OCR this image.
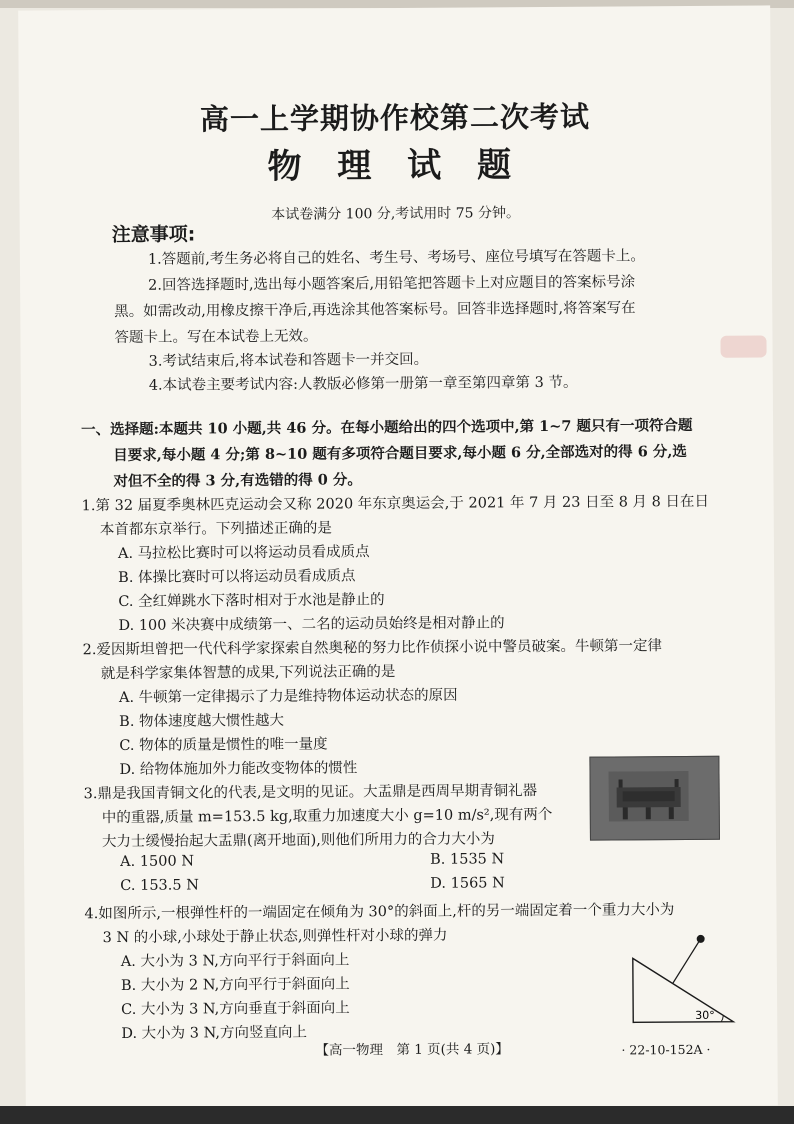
高一上学期协作校第二次考试
物 理 试 题
本试卷满分 100 分,考试用时 75 分钟。
注意事项:
1.答题前,考生务必将自己的姓名、考生号、考场号、座位号填写在答题卡上。
2.回答选择题时,选出每小题答案后,用铅笔把答题卡上对应题目的答案标号涂
黑。如需改动,用橡皮擦干净后,再选涂其他答案标号。回答非选择题时,将答案写在
答题卡上。写在本试卷上无效。
3.考试结束后,将本试卷和答题卡一并交回。
4.本试卷主要考试内容:人教版必修第一册第一章至第四章第 3 节。
一、选择题:本题共 10 小题,共 46 分。在每小题给出的四个选项中,第 1~7 题只有一项符合题
目要求,每小题 4 分;第 8~10 题有多项符合题目要求,每小题 6 分,全部选对的得 6 分,选
对但不全的得 3 分,有选错的得 0 分。
1.第 32 届夏季奥林匹克运动会又称 2020 年东京奥运会,于 2021 年 7 月 23 日至 8 月 8 日在日
本首都东京举行。下列描述正确的是
A. 马拉松比赛时可以将运动员看成质点
B. 体操比赛时可以将运动员看成质点
C. 全红婵跳水下落时相对于水池是静止的
D. 100 米决赛中成绩第一、二名的运动员始终是相对静止的
2.爱因斯坦曾把一代代科学家探索自然奥秘的努力比作侦探小说中警员破案。牛顿第一定律
就是科学家集体智慧的成果,下列说法正确的是
A. 牛顿第一定律揭示了力是维持物体运动状态的原因
B. 物体速度越大惯性越大
C. 物体的质量是惯性的唯一量度
D. 给物体施加外力能改变物体的惯性
3.鼎是我国青铜文化的代表,是文明的见证。大盂鼎是西周早期青铜礼器
中的重器,质量 m=153.5 kg,取重力加速度大小 g=10 m/s²,现有两个
大力士缓慢抬起大盂鼎(离开地面),则他们所用力的合力大小为
A. 1500 N	B. 1535 N
C. 153.5 N	D. 1565 N
4.如图所示,一根弹性杆的一端固定在倾角为 30°的斜面上,杆的另一端固定着一个重力大小为
3 N 的小球,小球处于静止状态,则弹性杆对小球的弹力
A. 大小为 3 N,方向平行于斜面向上
B. 大小为 2 N,方向平行于斜面向上
C. 大小为 3 N,方向垂直于斜面向上
D. 大小为 3 N,方向竖直向上
30°
【高一物理　第 1 页(共 4 页)】	· 22-10-152A ·
